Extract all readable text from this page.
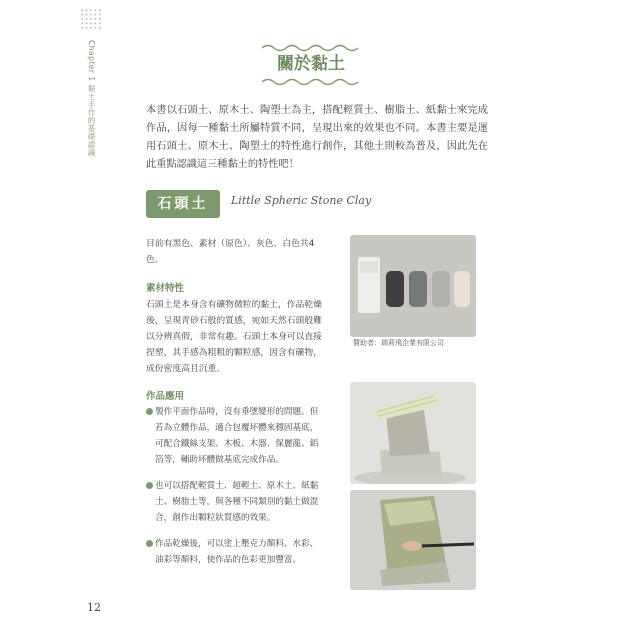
Chapter 1 黏土手作的基礎認識	關於黏土

本書以石頭土、原木土、陶塑土為主，搭配輕質土、樹脂土、紙黏土來完成作品，因每一種黏土所屬特質不同，呈現出來的效果也不同。本書主要是運用石頭土、原木土、陶塑土的特性進行創作，其他土則較為普及，因此先在此重點認識這三種黏土的特性吧！

石頭土	Little Spheric Stone Clay
目前有黑色、素材（原色）、灰色、白色共4色。
素材特性
石頭土是本身含有礦物微粒的黏土，作品乾燥後，呈現青砂石般的質感，宛如天然石頭般難以分辨真假，非常有趣。石頭土本身可以直接捏塑，其手感為粗粗的顆粒感，因含有礦物，成份密度高且沉重。
作品應用
製作平面作品時，沒有垂墜變形的問題。但若為立體作品，適合包覆坏體來穩固基底，可配合鐵絲支架、木板、木器、保麗龍、鋁箔等，輔助坏體做基底完成作品。
也可以搭配輕質土、超輕土、原木土、紙黏土、樹脂土等，與各種不同類別的黏土做混合，創作出顆粒狀質感的效果。
作品乾燥後，可以塗上壓克力顏料、水彩、油彩等顏料，使作品的色彩更加豐富。
贊助者：瑞莉飛企業有限公司
12
